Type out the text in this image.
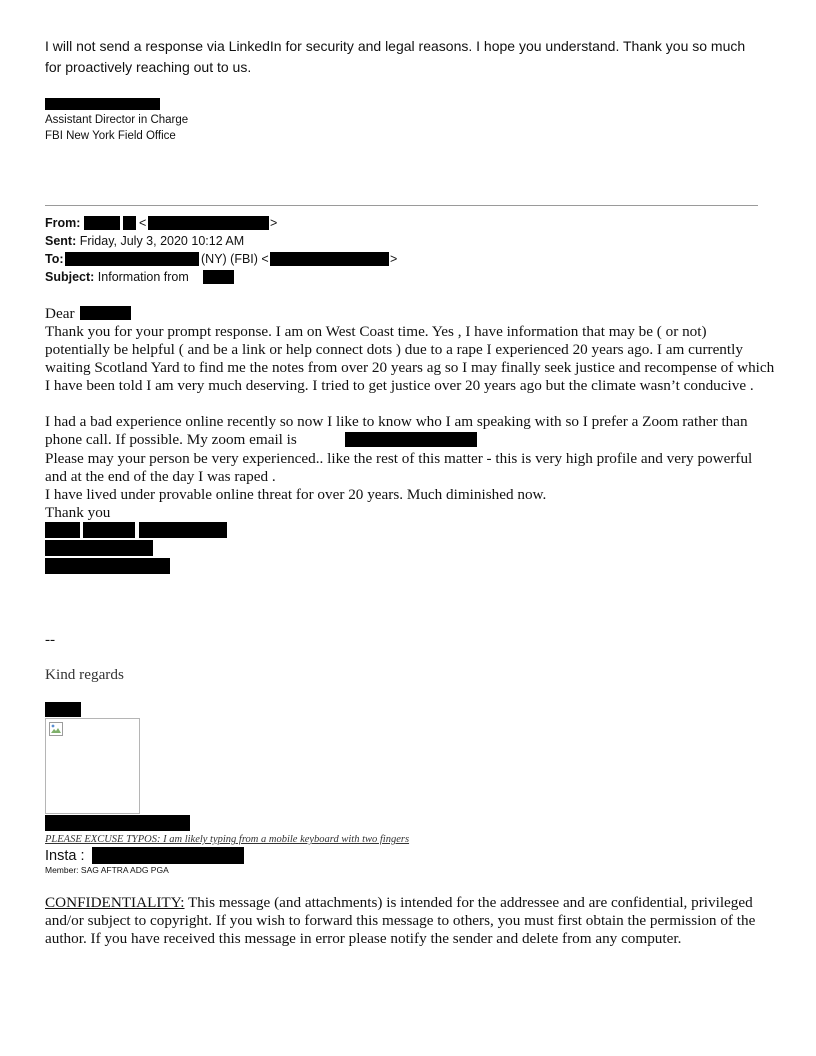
I will not send a response via LinkedIn for security and legal reasons. I hope you understand. Thank you so much for proactively reaching out to us.
Assistant Director in Charge
FBI New York Field Office
From:	<	>
Sent: Friday, July 3, 2020 10:12 AM
To:	(NY) (FBI) <	>
Subject: Information from
Dear
Thank you for your prompt response. I am on West Coast time. Yes , I have information that may be ( or not) potentially be helpful ( and be a link or help connect dots ) due to a rape I experienced 20 years ago. I am currently waiting Scotland Yard to find me the notes from over 20 years ag so I may finally seek justice and recompense of which I have been told I am very much deserving. I tried to get justice over 20 years ago but the climate wasn’t conducive .
I had a bad experience online recently so now I like to know who I am speaking with so I prefer a Zoom rather than phone call. If possible. My zoom email is
Please may your person be very experienced.. like the rest of this matter - this is very high profile and very powerful and at the end of the day I was raped .
I have lived under provable online threat for over 20 years. Much diminished now.
Thank you
--
Kind regards
PLEASE EXCUSE TYPOS: I am likely typing from a mobile keyboard with two fingers
Insta :
Member: SAG AFTRA ADG PGA
CONFIDENTIALITY: This message (and attachments) is intended for the addressee and are confidential, privileged and/or subject to copyright. If you wish to forward this message to others, you must first obtain the permission of the author. If you have received this message in error please notify the sender and delete from any computer.
